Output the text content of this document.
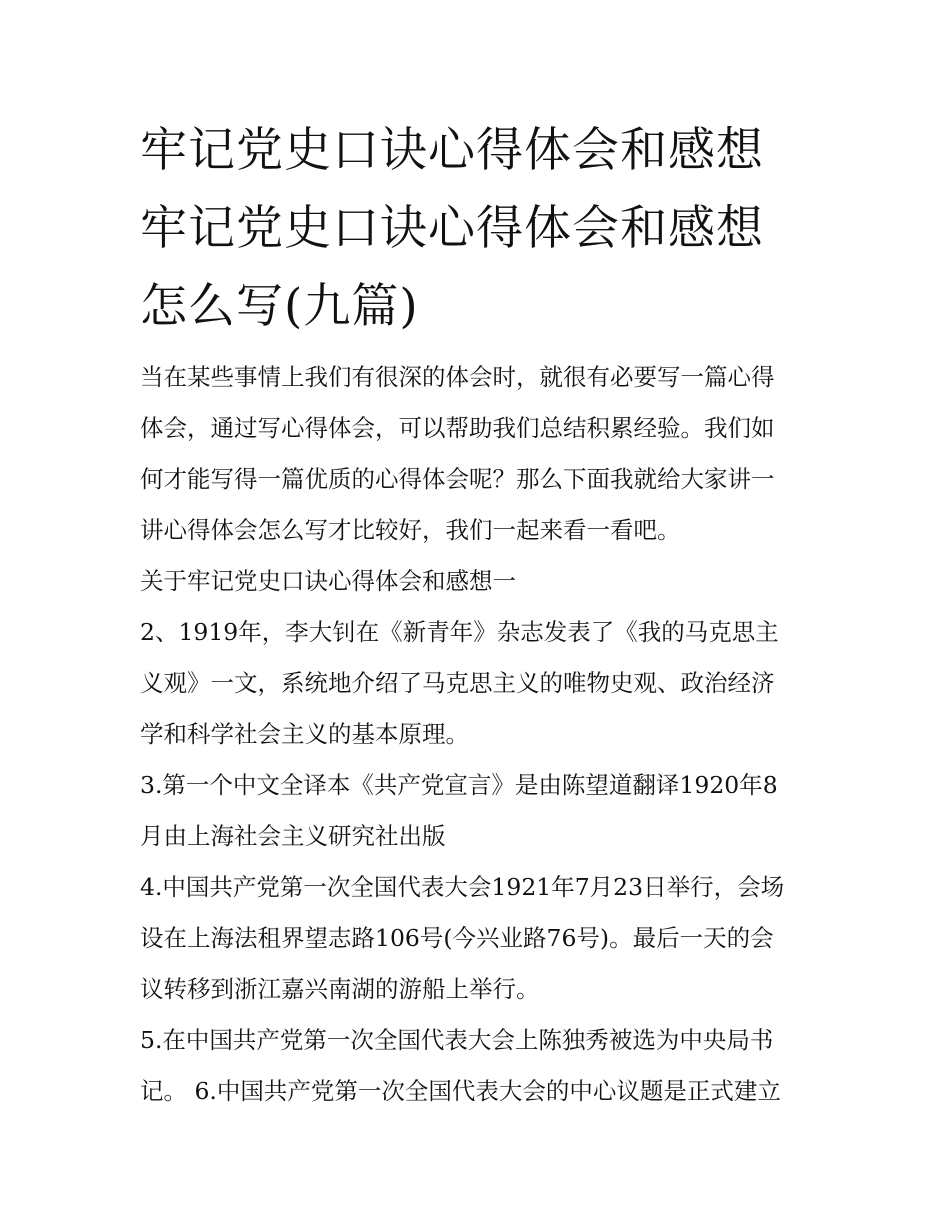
牢记党史口诀心得体会和感想
牢记党史口诀心得体会和感想
怎么写(九篇)

当在某些事情上我们有很深的体会时，就很有必要写一篇心得
体会，通过写心得体会，可以帮助我们总结积累经验。我们如
何才能写得一篇优质的心得体会呢？那么下面我就给大家讲一
讲心得体会怎么写才比较好，我们一起来看一看吧。

关于牢记党史口诀心得体会和感想一

2、1919年，李大钊在《新青年》杂志发表了《我的马克思主
义观》一文，系统地介绍了马克思主义的唯物史观、政治经济
学和科学社会主义的基本原理。

3.第一个中文全译本《共产党宣言》是由陈望道翻译1920年8
月由上海社会主义研究社出版

4.中国共产党第一次全国代表大会1921年7月23日举行，会场
设在上海法租界望志路106号(今兴业路76号)。最后一天的会
议转移到浙江嘉兴南湖的游船上举行。

5.在中国共产党第一次全国代表大会上陈独秀被选为中央局书
记。 6.中国共产党第一次全国代表大会的中心议题是正式建立
